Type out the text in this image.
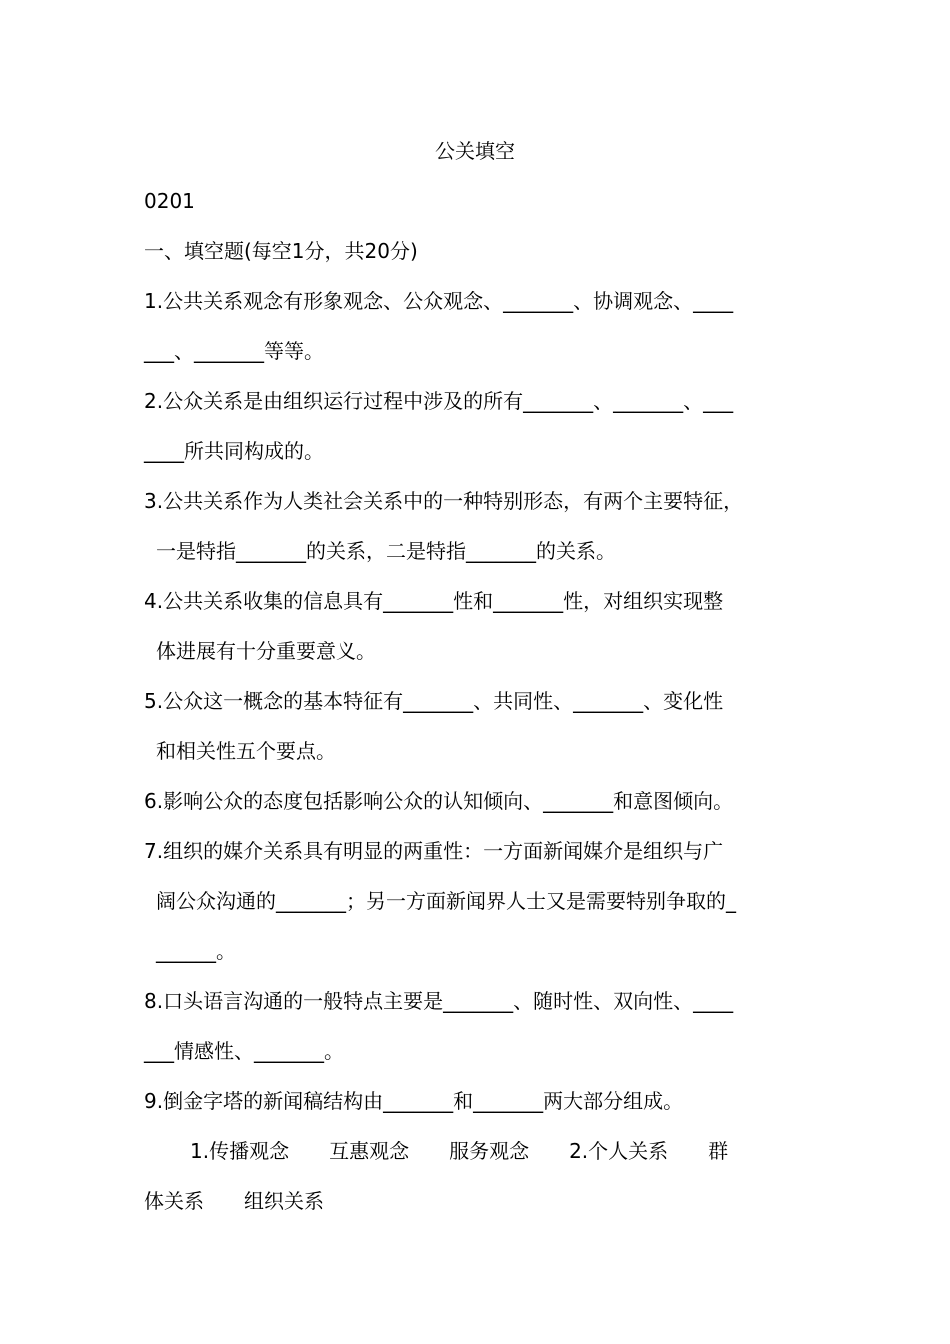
公关填空
0201
一、填空题(每空1分，共20分)
1.公共关系观念有形象观念、公众观念、_______、协调观念、____
___、_______等等。
2.公众关系是由组织运行过程中涉及的所有_______、_______、___
____所共同构成的。
3.公共关系作为人类社会关系中的一种特别形态，有两个主要特征，
一是特指_______的关系，二是特指_______的关系。
4.公共关系收集的信息具有_______性和_______性，对组织实现整
体进展有十分重要意义。
5.公众这一概念的基本特征有_______、共同性、_______、变化性
和相关性五个要点。
6.影响公众的态度包括影响公众的认知倾向、_______和意图倾向。
7.组织的媒介关系具有明显的两重性：一方面新闻媒介是组织与广
阔公众沟通的_______；另一方面新闻界人士又是需要特别争取的_
______。
8.口头语言沟通的一般特点主要是_______、随时性、双向性、____
___情感性、_______。
9.倒金字塔的新闻稿结构由_______和_______两大部分组成。
1.传播观念　　互惠观念　　服务观念　　2.个人关系　　群
体关系　　组织关系
